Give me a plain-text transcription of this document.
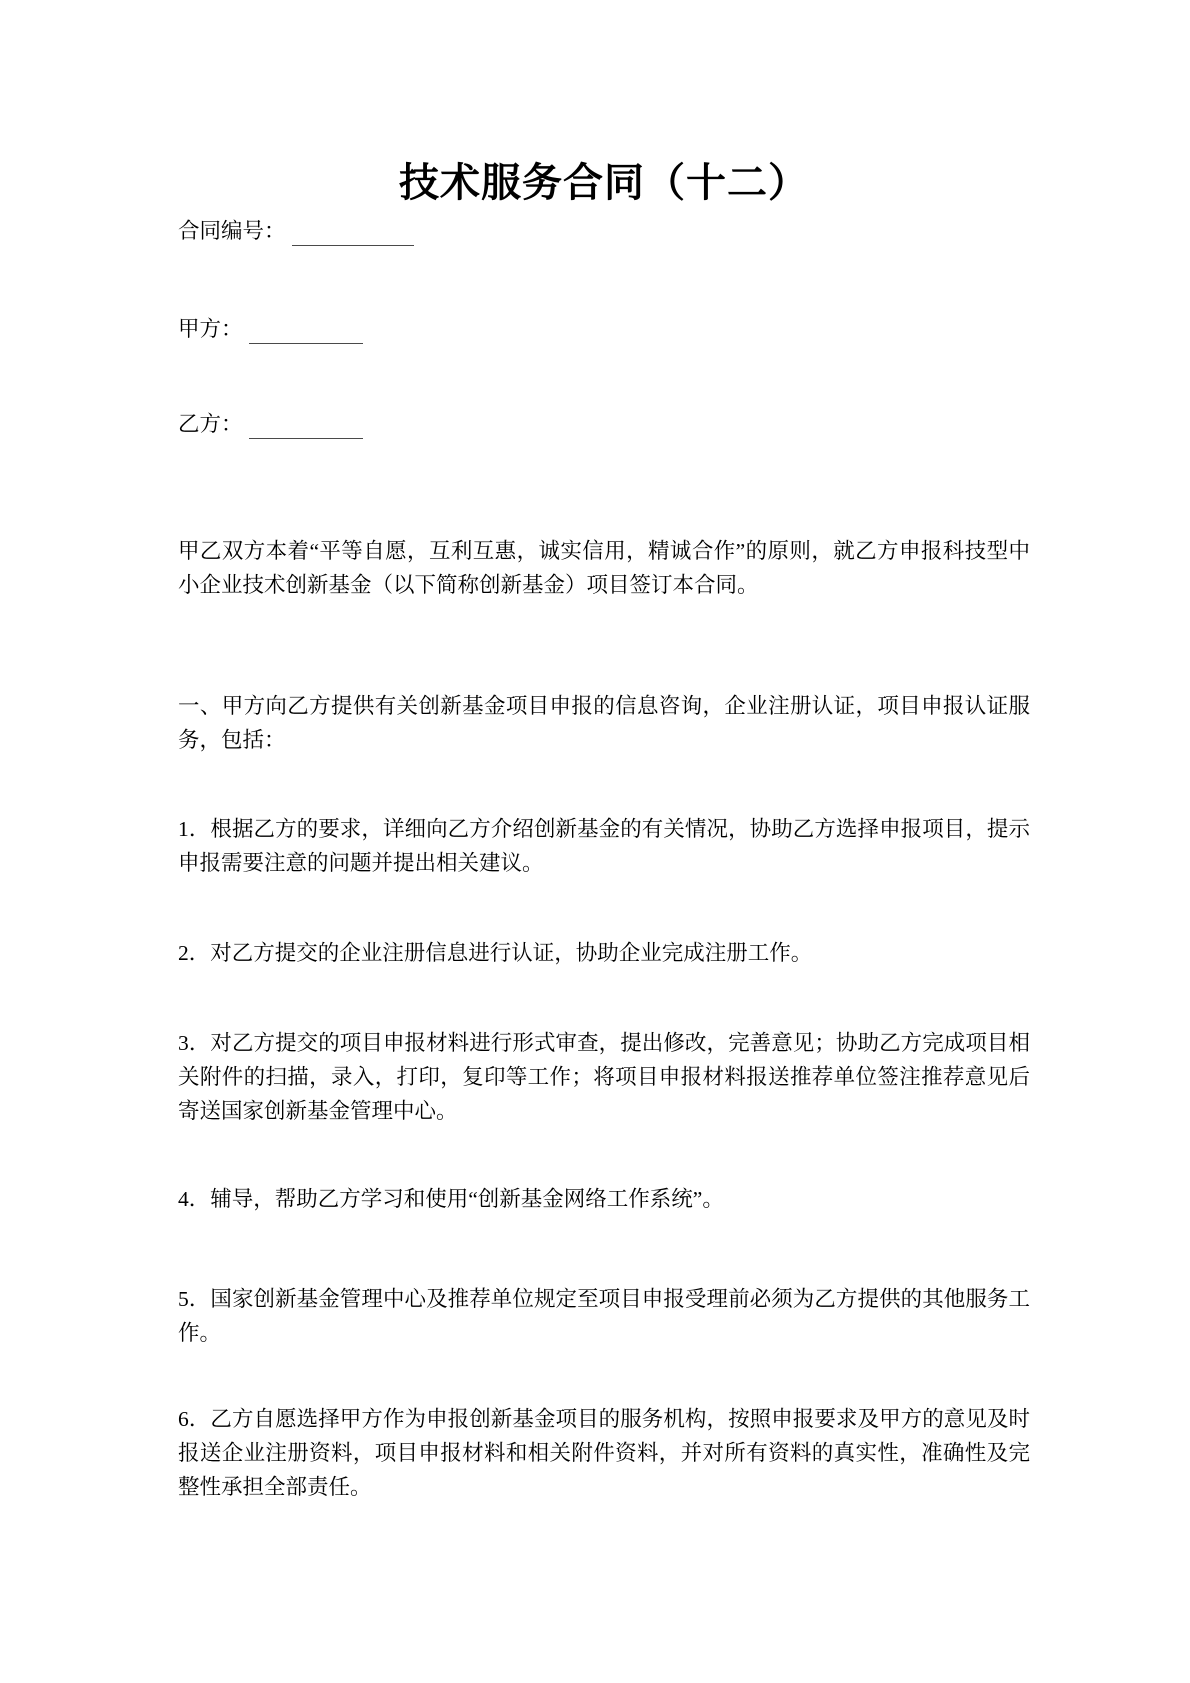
技术服务合同（十二）
合同编号：
甲方：
乙方：

甲乙双方本着“平等自愿，互利互惠，诚实信用，精诚合作”的原则，就乙方申报科技型中小企业技术创新基金（以下简称创新基金）项目签订本合同。

一、甲方向乙方提供有关创新基金项目申报的信息咨询，企业注册认证，项目申报认证服务，包括：

1．根据乙方的要求，详细向乙方介绍创新基金的有关情况，协助乙方选择申报项目，提示申报需要注意的问题并提出相关建议。

2．对乙方提交的企业注册信息进行认证，协助企业完成注册工作。

3．对乙方提交的项目申报材料进行形式审查，提出修改，完善意见；协助乙方完成项目相关附件的扫描，录入，打印，复印等工作；将项目申报材料报送推荐单位签注推荐意见后寄送国家创新基金管理中心。

4．辅导，帮助乙方学习和使用“创新基金网络工作系统”。

5．国家创新基金管理中心及推荐单位规定至项目申报受理前必须为乙方提供的其他服务工作。

6．乙方自愿选择甲方作为申报创新基金项目的服务机构，按照申报要求及甲方的意见及时报送企业注册资料，项目申报材料和相关附件资料，并对所有资料的真实性，准确性及完整性承担全部责任。
